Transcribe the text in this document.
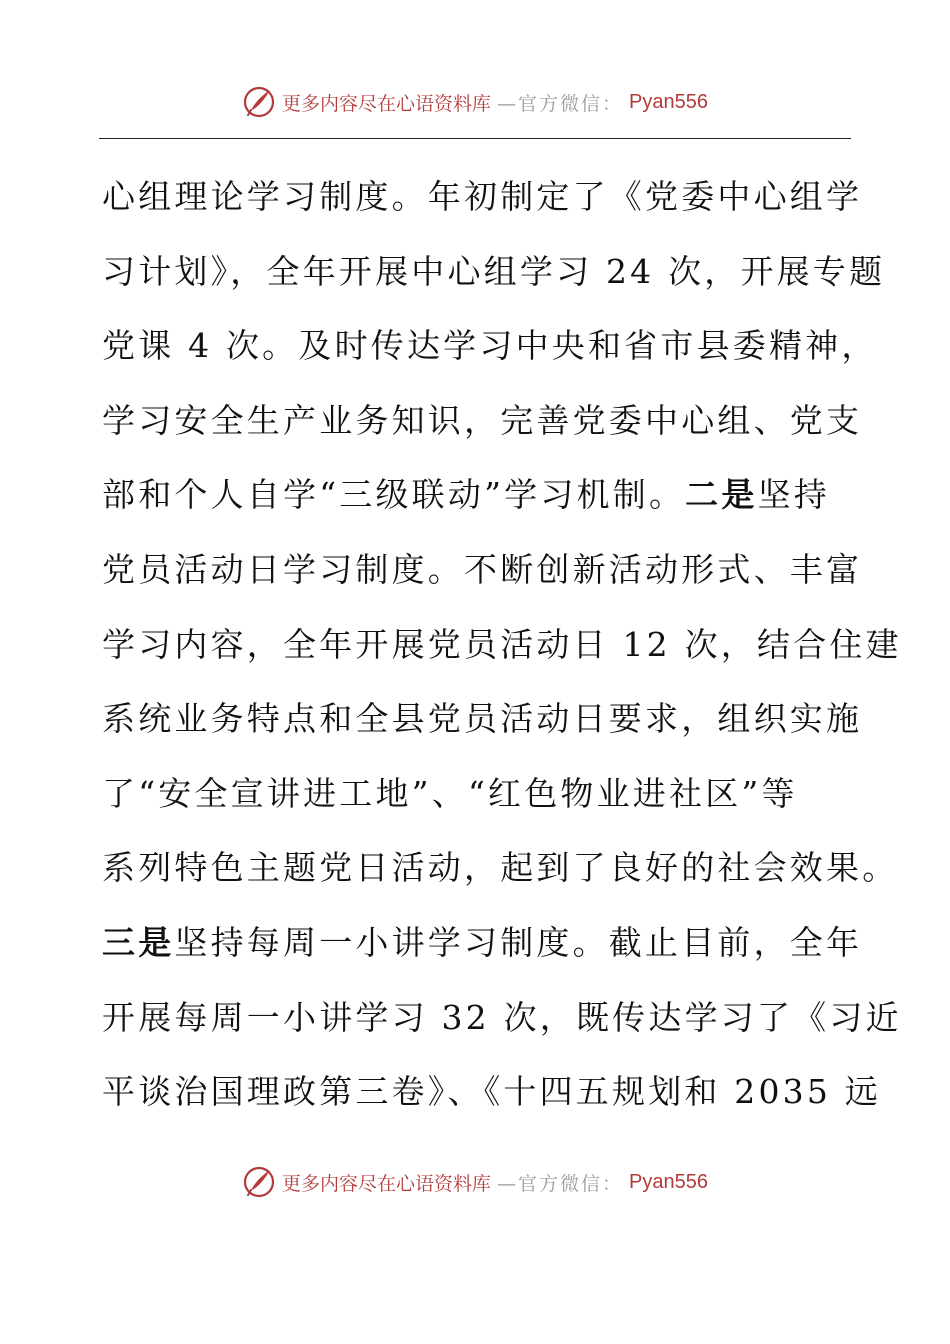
更多内容尽在心语资料库 —官方微信： Pyan556
心组理论学习制度。年初制定了《党委中心组学
习计划》，全年开展中心组学习 24 次，开展专题
党课 4 次。及时传达学习中央和省市县委精神，
学习安全生产业务知识，完善党委中心组、党支
部和个人自学“三级联动”学习机制。二是坚持
党员活动日学习制度。不断创新活动形式、丰富
学习内容，全年开展党员活动日 12 次，结合住建
系统业务特点和全县党员活动日要求，组织实施
了“安全宣讲进工地”、“红色物业进社区”等
系列特色主题党日活动，起到了良好的社会效果。
三是坚持每周一小讲学习制度。截止目前，全年
开展每周一小讲学习 32 次，既传达学习了《习近
平谈治国理政第三卷》、《十四五规划和 2035 远
更多内容尽在心语资料库 —官方微信： Pyan556
